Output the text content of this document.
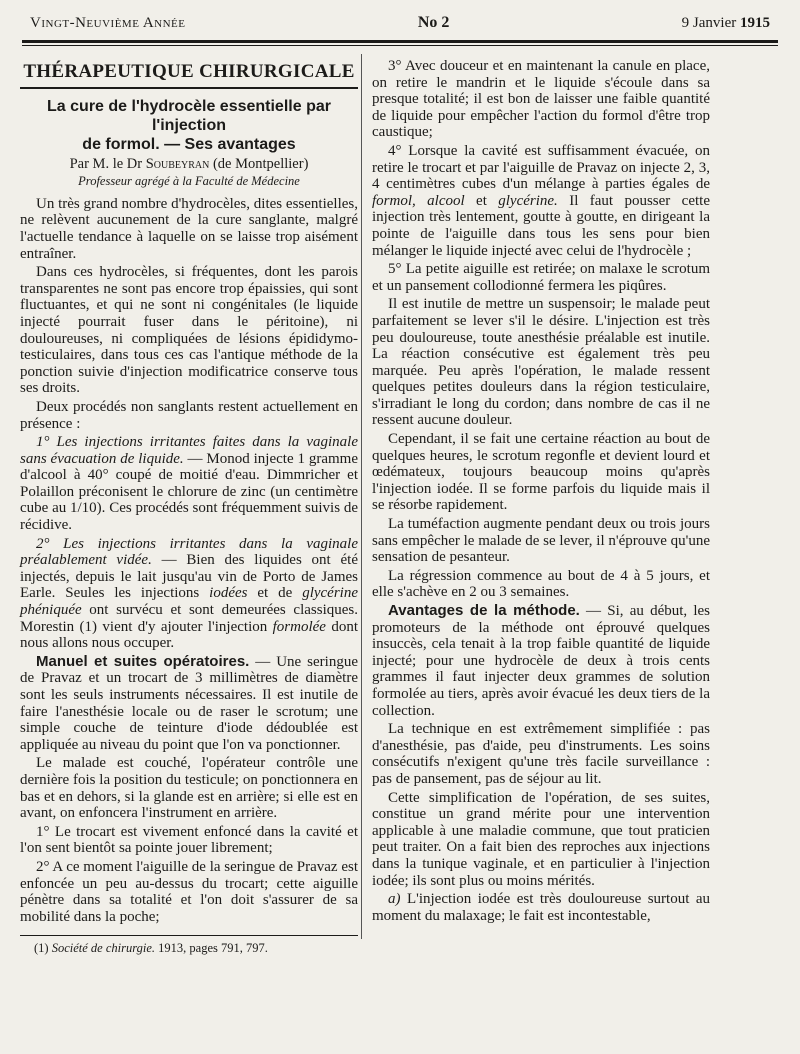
Vingt-Neuvième Année	No 2	9 Janvier 1915
THÉRAPEUTIQUE CHIRURGICALE
La cure de l'hydrocèle essentielle par l'injection
de formol. — Ses avantages
Par M. le Dr Soubeyran (de Montpellier)
Professeur agrégé à la Faculté de Médecine

Un très grand nombre d'hydrocèles, dites essentielles, ne relèvent aucunement de la cure sanglante, malgré l'actuelle tendance à laquelle on se laisse trop aisément entraîner.

Dans ces hydrocèles, si fréquentes, dont les parois transparentes ne sont pas encore trop épaissies, qui sont fluctuantes, et qui ne sont ni congénitales (le liquide injecté pourrait fuser dans le péritoine), ni douloureuses, ni compliquées de lésions épididymo-testiculaires, dans tous ces cas l'antique méthode de la ponction suivie d'injection modificatrice conserve tous ses droits.

Deux procédés non sanglants restent actuellement en présence :

1° Les injections irritantes faites dans la vaginale sans évacuation de liquide. — Monod injecte 1 gramme d'alcool à 40° coupé de moitié d'eau. Dimmricher et Polaillon préconisent le chlorure de zinc (un centimètre cube au 1/10). Ces procédés sont fréquemment suivis de récidive.

2° Les injections irritantes dans la vaginale préalablement vidée. — Bien des liquides ont été injectés, depuis le lait jusqu'au vin de Porto de James Earle. Seules les injections iodées et de glycérine phéniquée ont survécu et sont demeurées classiques. Morestin (1) vient d'y ajouter l'injection formolée dont nous allons nous occuper.

Manuel et suites opératoires. — Une seringue de Pravaz et un trocart de 3 millimètres de diamètre sont les seuls instruments nécessaires. Il est inutile de faire l'anesthésie locale ou de raser le scrotum; une simple couche de teinture d'iode dédoublée est appliquée au niveau du point que l'on va ponctionner.

Le malade est couché, l'opérateur contrôle une dernière fois la position du testicule; on ponctionnera en bas et en dehors, si la glande est en arrière; si elle est en avant, on enfoncera l'instrument en arrière.

1° Le trocart est vivement enfoncé dans la cavité et l'on sent bientôt sa pointe jouer librement;

2° A ce moment l'aiguille de la seringue de Pravaz est enfoncée un peu au-dessus du trocart; cette aiguille pénètre dans sa totalité et l'on doit s'assurer de sa mobilité dans la poche;

(1) Société de chirurgie. 1913, pages 791, 797.

3° Avec douceur et en maintenant la canule en place, on retire le mandrin et le liquide s'écoule dans sa presque totalité; il est bon de laisser une faible quantité de liquide pour empêcher l'action du formol d'être trop caustique;

4° Lorsque la cavité est suffisamment évacuée, on retire le trocart et par l'aiguille de Pravaz on injecte 2, 3, 4 centimètres cubes d'un mélange à parties égales de formol, alcool et glycérine. Il faut pousser cette injection très lentement, goutte à goutte, en dirigeant la pointe de l'aiguille dans tous les sens pour bien mélanger le liquide injecté avec celui de l'hydrocèle ;

5° La petite aiguille est retirée; on malaxe le scrotum et un pansement collodionné fermera les piqûres.

Il est inutile de mettre un suspensoir; le malade peut parfaitement se lever s'il le désire. L'injection est très peu douloureuse, toute anesthésie préalable est inutile. La réaction consécutive est également très peu marquée. Peu après l'opération, le malade ressent quelques petites douleurs dans la région testiculaire, s'irradiant le long du cordon; dans nombre de cas il ne ressent aucune douleur.

Cependant, il se fait une certaine réaction au bout de quelques heures, le scrotum regonfle et devient lourd et œdémateux, toujours beaucoup moins qu'après l'injection iodée. Il se forme parfois du liquide mais il se résorbe rapidement.

La tuméfaction augmente pendant deux ou trois jours sans empêcher le malade de se lever, il n'éprouve qu'une sensation de pesanteur.

La régression commence au bout de 4 à 5 jours, et elle s'achève en 2 ou 3 semaines.

Avantages de la méthode. — Si, au début, les promoteurs de la méthode ont éprouvé quelques insuccès, cela tenait à la trop faible quantité de liquide injecté; pour une hydrocèle de deux à trois cents grammes il faut injecter deux grammes de solution formolée au tiers, après avoir évacué les deux tiers de la collection.

La technique en est extrêmement simplifiée : pas d'anesthésie, pas d'aide, peu d'instruments. Les soins consécutifs n'exigent qu'une très facile surveillance : pas de pansement, pas de séjour au lit.

Cette simplification de l'opération, de ses suites, constitue un grand mérite pour une intervention applicable à une maladie commune, que tout praticien peut traiter. On a fait bien des reproches aux injections dans la tunique vaginale, et en particulier à l'injection iodée; ils sont plus ou moins mérités.

a) L'injection iodée est très douloureuse surtout au moment du malaxage; le fait est incontestable,
